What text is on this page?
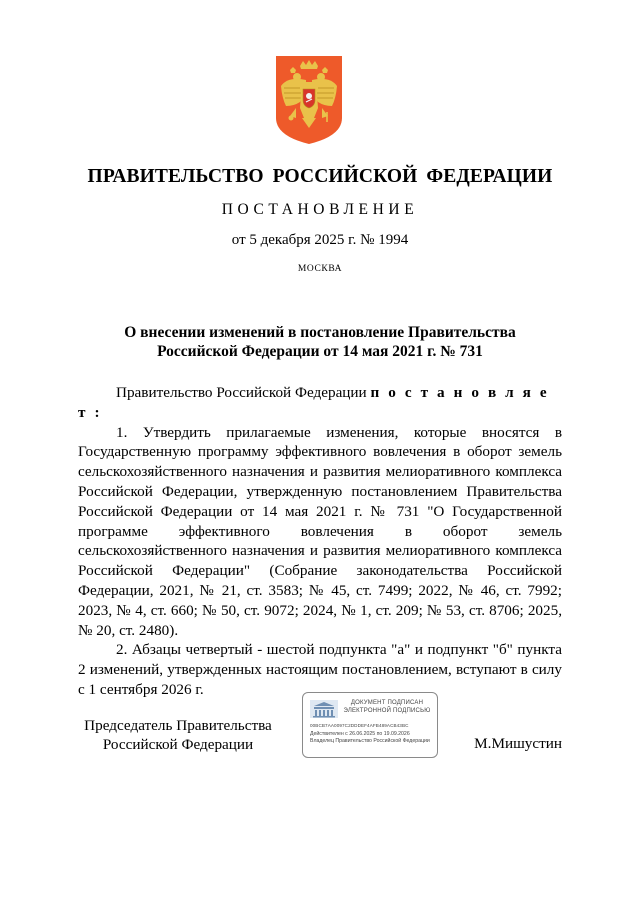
ПРАВИТЕЛЬСТВО РОССИЙСКОЙ ФЕДЕРАЦИИ
ПОСТАНОВЛЕНИЕ
от 5 декабря 2025 г. № 1994
МОСКВА
О внесении изменений в постановление Правительства
Российской Федерации от 14 мая 2021 г. № 731

Правительство Российской Федерации п о с т а н о в л я е т :

1. Утвердить прилагаемые изменения, которые вносятся в Государственную программу эффективного вовлечения в оборот земель сельскохозяйственного назначения и развития мелиоративного комплекса Российской Федерации, утвержденную постановлением Правительства Российской Федерации от 14 мая 2021 г. № 731 "О Государственной программе эффективного вовлечения в оборот земель сельскохозяйственного назначения и развития мелиоративного комплекса Российской Федерации" (Собрание законодательства Российской Федерации, 2021, № 21, ст. 3583; № 45, ст. 7499; 2022, № 46, ст. 7992; 2023, № 4, ст. 660; № 50, ст. 9072; 2024, № 1, ст. 209; № 53, ст. 8706; 2025, № 20, ст. 2480).

2. Абзацы четвертый - шестой подпункта "а" и подпункт "б" пункта 2 изменений, утвержденных настоящим постановлением, вступают в силу с 1 сентября 2026 г.

Председатель Правительства
Российской Федерации
ДОКУМЕНТ ПОДПИСАН
ЭЛЕКТРОННОЙ ПОДПИСЬЮ
00BCB7AA0097C2DDDEF4AFB489ACB43BC
Действителен с 26.06.2025 по 19.09.2026
Владелец Правительство Российской Федерации	М.Мишустин
